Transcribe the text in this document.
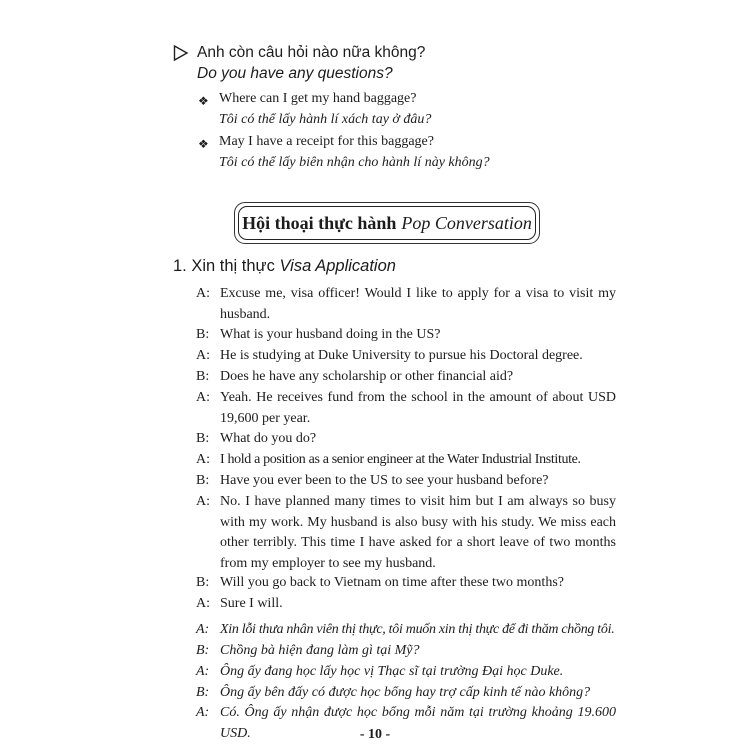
Anh còn câu hỏi nào nữa không?
Do you have any questions?
❖ Where can I get my hand baggage?
Tôi có thể lấy hành lí xách tay ở đâu?
❖ May I have a receipt for this baggage?
Tôi có thể lấy biên nhận cho hành lí này không?
Hội thoại thực hành Pop Conversation
1. Xin thị thực Visa Application
A: Excuse me, visa officer! Would I like to apply for a visa to visit my husband.
B: What is your husband doing in the US?
A: He is studying at Duke University to pursue his Doctoral degree.
B: Does he have any scholarship or other financial aid?
A: Yeah. He receives fund from the school in the amount of about USD 19,600 per year.
B: What do you do?
A: I hold a position as a senior engineer at the Water Industrial Institute.
B: Have you ever been to the US to see your husband before?
A: No. I have planned many times to visit him but I am always so busy with my work. My husband is also busy with his study. We miss each other terribly. This time I have asked for a short leave of two months from my employer to see my husband.
B: Will you go back to Vietnam on time after these two months?
A: Sure I will.
A: Xin lỗi thưa nhân viên thị thực, tôi muốn xin thị thực để đi thăm chồng tôi.
B: Chồng bà hiện đang làm gì tại Mỹ?
A: Ông ấy đang học lấy học vị Thạc sĩ tại trường Đại học Duke.
B: Ông ấy bên đấy có được học bổng hay trợ cấp kinh tế nào không?
- 10 -
A: Có. Ông ấy nhận được học bổng mỗi năm tại trường khoảng 19.600 USD.
